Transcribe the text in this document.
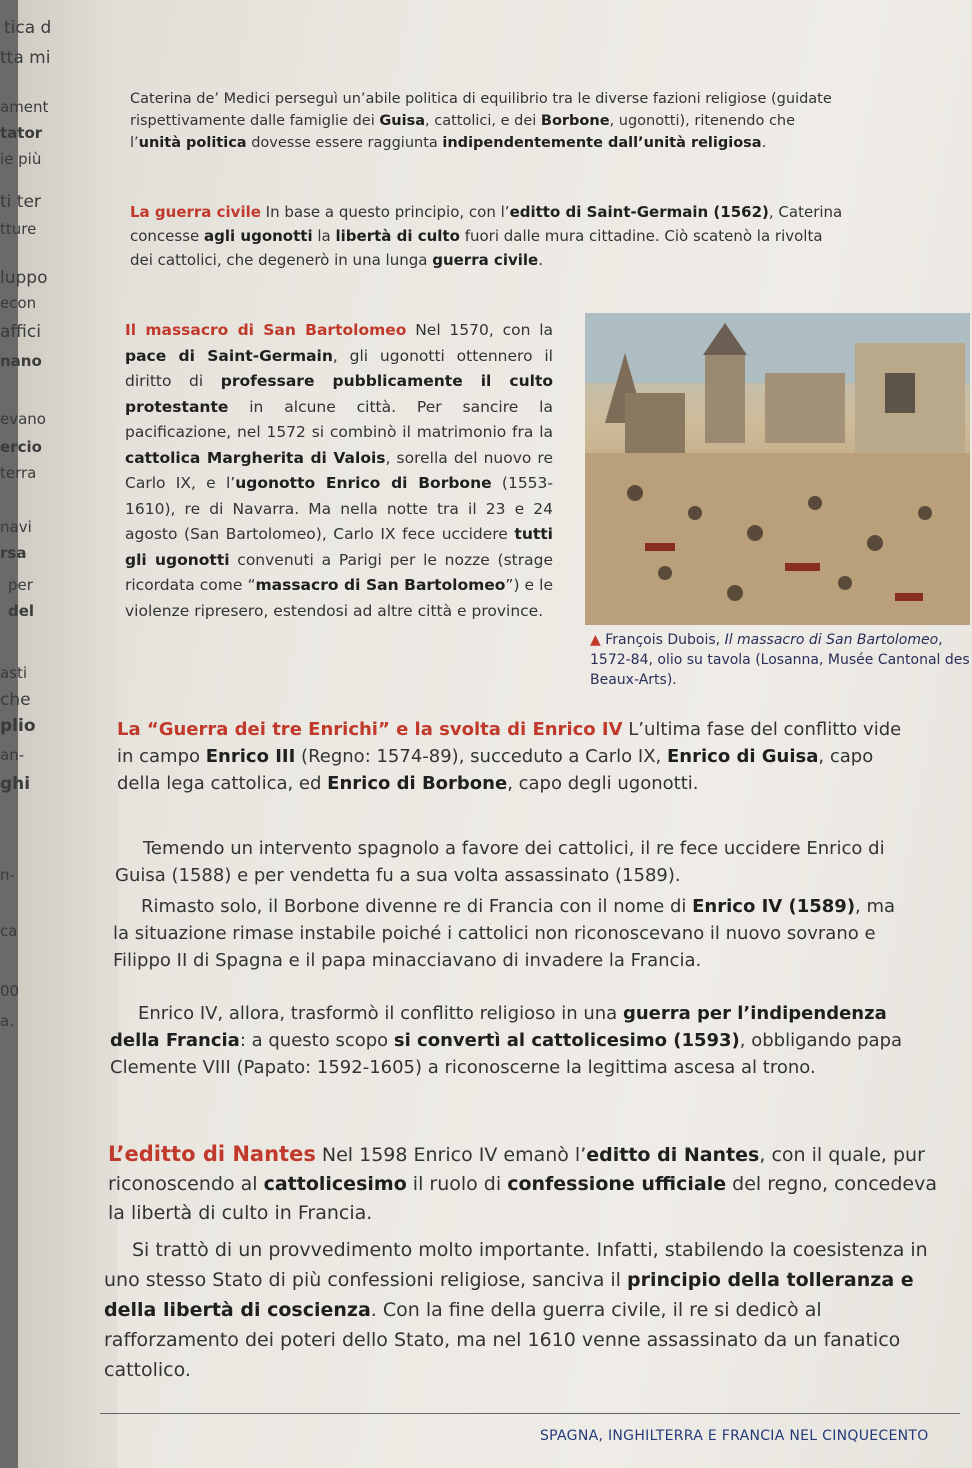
tica d
tta mi
ament
tator
ie più
ti ter
tture
luppo
econ
affici
nano
evano
ercio
terra
navi
rsa
per
del
asti
che
plio
an-
ghi
n-
ca
00
a.

Caterina de’ Medici perseguì un’abile politica di equilibrio tra le diverse fazioni religiose (guidate rispettivamente dalle famiglie dei Guisa, cattolici, e dei Borbone, ugonotti), ritenendo che l’unità politica dovesse essere raggiunta indipendentemente dall’unità religiosa.

La guerra civile In base a questo principio, con l’editto di Saint-Germain (1562), Caterina concesse agli ugonotti la libertà di culto fuori dalle mura cittadine. Ciò scatenò la rivolta dei cattolici, che degenerò in una lunga guerra civile.

Il massacro di San Bartolomeo Nel 1570, con la pace di Saint-Germain, gli ugonotti ottennero il diritto di professare pubblicamente il culto protestante in alcune città. Per sancire la pacificazione, nel 1572 si combinò il matrimonio fra la cattolica Margherita di Valois, sorella del nuovo re Carlo IX, e l’ugonotto Enrico di Borbone (1553-1610), re di Navarra. Ma nella notte tra il 23 e 24 agosto (San Bartolomeo), Carlo IX fece uccidere tutti gli ugonotti convenuti a Parigi per le nozze (strage ricordata come “massacro di San Bartolomeo”) e le violenze ripresero, estendosi ad altre città e province.

▲ François Dubois, Il massacro di San Bartolomeo, 1572-84, olio su tavola (Losanna, Musée Cantonal des Beaux-Arts).

La “Guerra dei tre Enrichi” e la svolta di Enrico IV L’ultima fase del conflitto vide in campo Enrico III (Regno: 1574-89), succeduto a Carlo IX, Enrico di Guisa, capo della lega cattolica, ed Enrico di Borbone, capo degli ugonotti.

Temendo un intervento spagnolo a favore dei cattolici, il re fece uccidere Enrico di Guisa (1588) e per vendetta fu a sua volta assassinato (1589).

Rimasto solo, il Borbone divenne re di Francia con il nome di Enrico IV (1589), ma la situazione rimase instabile poiché i cattolici non riconoscevano il nuovo sovrano e Filippo II di Spagna e il papa minacciavano di invadere la Francia.

Enrico IV, allora, trasformò il conflitto religioso in una guerra per l’indipendenza della Francia: a questo scopo si convertì al cattolicesimo (1593), obbligando papa Clemente VIII (Papato: 1592-1605) a riconoscerne la legittima ascesa al trono.

L’editto di Nantes Nel 1598 Enrico IV emanò l’editto di Nantes, con il quale, pur riconoscendo al cattolicesimo il ruolo di confessione ufficiale del regno, concedeva la libertà di culto in Francia.

Si trattò di un provvedimento molto importante. Infatti, stabilendo la coesistenza in uno stesso Stato di più confessioni religiose, sanciva il principio della tolleranza e della libertà di coscienza. Con la fine della guerra civile, il re si dedicò al rafforzamento dei poteri dello Stato, ma nel 1610 venne assassinato da un fanatico cattolico.

SPAGNA, INGHILTERRA E FRANCIA NEL CINQUECENTO
